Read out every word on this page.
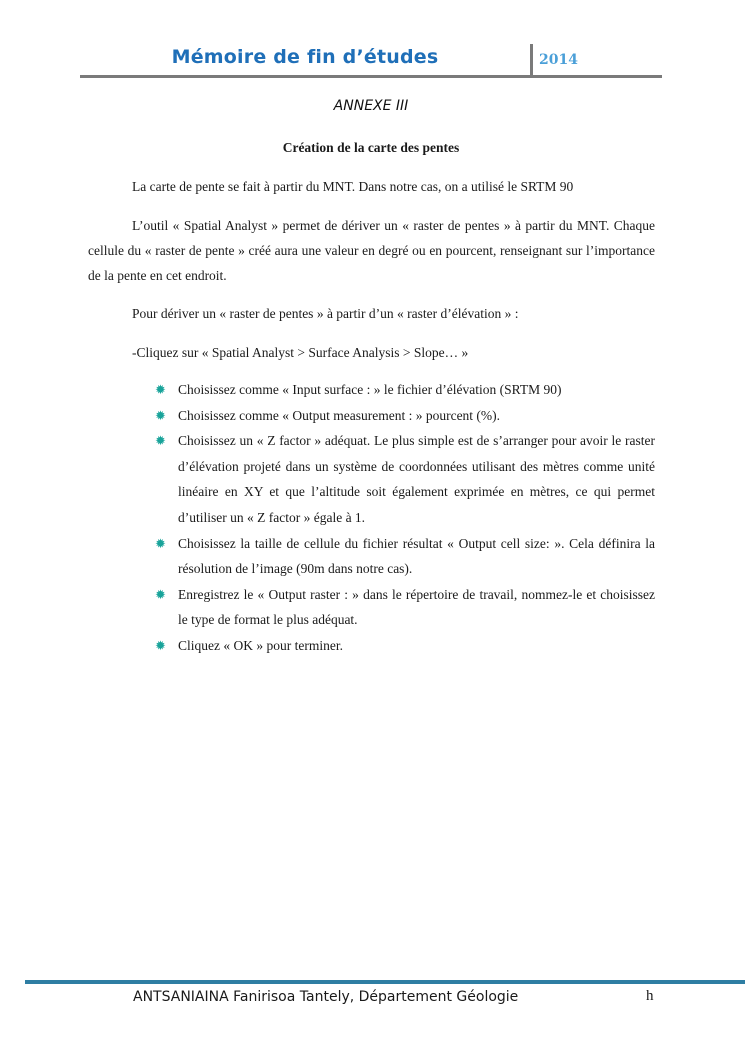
Mémoire de fin d’études	2014
ANNEXE III
Création de la carte des pentes

La carte de pente se fait à partir du MNT. Dans notre cas, on a utilisé le SRTM 90

L’outil « Spatial Analyst » permet de dériver un « raster de pentes » à partir du MNT. Chaque cellule du « raster de pente » créé aura une valeur en degré ou en pourcent, renseignant sur l’importance de la pente en cet endroit.

Pour dériver un « raster de pentes » à partir d’un « raster d’élévation » :

-Cliquez sur « Spatial Analyst > Surface Analysis > Slope… »

✹ Choisissez comme « Input surface : » le fichier d’élévation (SRTM 90)
✹ Choisissez comme « Output measurement : » pourcent (%).
✹ Choisissez un « Z factor » adéquat. Le plus simple est de s’arranger pour avoir le raster d’élévation projeté dans un système de coordonnées utilisant des mètres comme unité linéaire en XY et que l’altitude soit également exprimée en mètres, ce qui permet d’utiliser un « Z factor » égale à 1.
✹ Choisissez la taille de cellule du fichier résultat « Output cell size: ». Cela définira la résolution de l’image (90m dans notre cas).
✹ Enregistrez le « Output raster : » dans le répertoire de travail, nommez-le et choisissez le type de format le plus adéquat.
✹ Cliquez « OK » pour terminer.
ANTSANIAINA Fanirisoa Tantely, Département Géologie	h
